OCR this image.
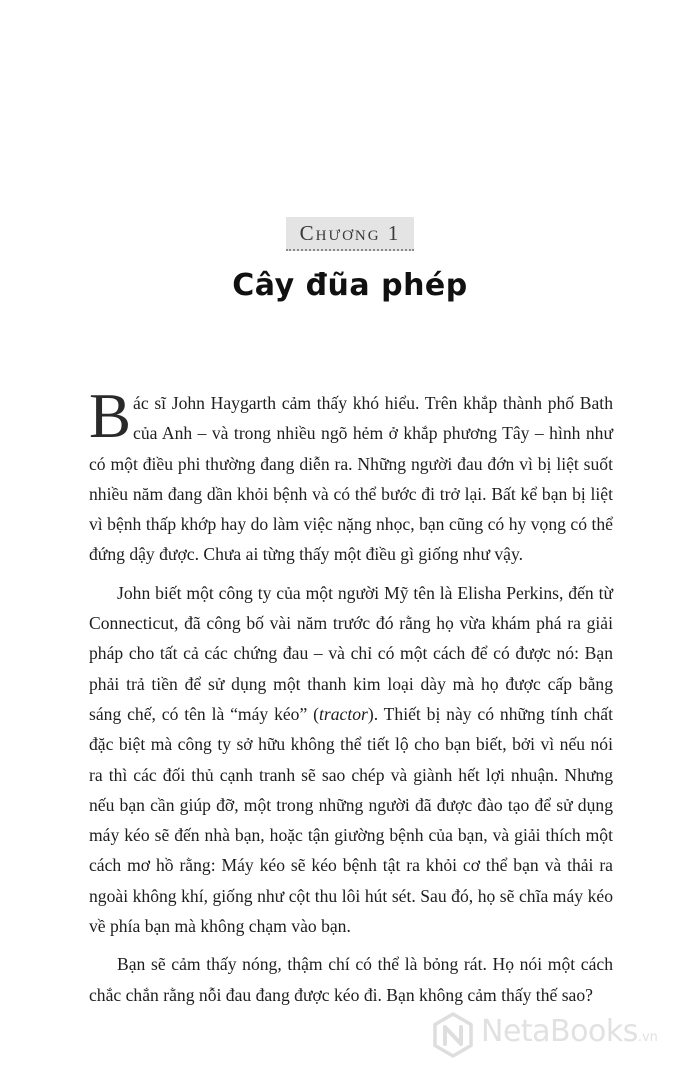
Chương 1
Cây đũa phép

Bác sĩ John Haygarth cảm thấy khó hiểu. Trên khắp thành phố Bath của Anh – và trong nhiều ngõ hẻm ở khắp phương Tây – hình như có một điều phi thường đang diễn ra. Những người đau đớn vì bị liệt suốt nhiều năm đang dần khỏi bệnh và có thể bước đi trở lại. Bất kể bạn bị liệt vì bệnh thấp khớp hay do làm việc nặng nhọc, bạn cũng có hy vọng có thể đứng dậy được. Chưa ai từng thấy một điều gì giống như vậy.

John biết một công ty của một người Mỹ tên là Elisha Perkins, đến từ Connecticut, đã công bố vài năm trước đó rằng họ vừa khám phá ra giải pháp cho tất cả các chứng đau – và chỉ có một cách để có được nó: Bạn phải trả tiền để sử dụng một thanh kim loại dày mà họ được cấp bằng sáng chế, có tên là “máy kéo” (tractor). Thiết bị này có những tính chất đặc biệt mà công ty sở hữu không thể tiết lộ cho bạn biết, bởi vì nếu nói ra thì các đối thủ cạnh tranh sẽ sao chép và giành hết lợi nhuận. Nhưng nếu bạn cần giúp đỡ, một trong những người đã được đào tạo để sử dụng máy kéo sẽ đến nhà bạn, hoặc tận giường bệnh của bạn, và giải thích một cách mơ hồ rằng: Máy kéo sẽ kéo bệnh tật ra khỏi cơ thể bạn và thải ra ngoài không khí, giống như cột thu lôi hút sét. Sau đó, họ sẽ chĩa máy kéo về phía bạn mà không chạm vào bạn.

Bạn sẽ cảm thấy nóng, thậm chí có thể là bỏng rát. Họ nói một cách chắc chắn rằng nỗi đau đang được kéo đi. Bạn không cảm thấy thế sao?

NetaBooks.vn
